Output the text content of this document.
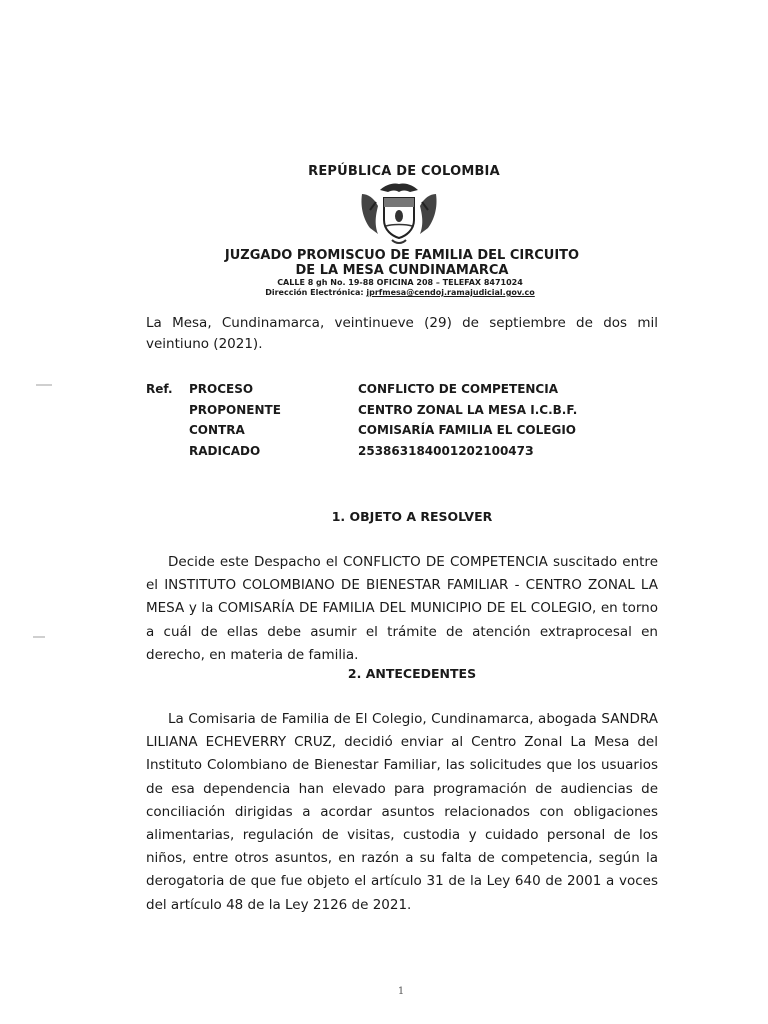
REPÚBLICA DE COLOMBIA
JUZGADO PROMISCUO DE FAMILIA DEL CIRCUITO
DE LA MESA CUNDINAMARCA
CALLE 8 gh No. 19-88 OFICINA 208 – TELEFAX 8471024
Dirección Electrónica: jprfmesa@cendoj.ramajudicial.gov.co
La Mesa, Cundinamarca, veintinueve (29) de septiembre de dos mil veintiuno (2021).
Ref. PROCESO	CONFLICTO DE COMPETENCIA
PROPONENTE	CENTRO ZONAL LA MESA I.C.B.F.
CONTRA	COMISARÍA FAMILIA EL COLEGIO
RADICADO	25386318400120210047З
1. OBJETO A RESOLVER

Decide este Despacho el CONFLICTO DE COMPETENCIA suscitado entre el INSTITUTO COLOMBIANO DE BIENESTAR FAMILIAR - CENTRO ZONAL LA MESA y la COMISARÍA DE FAMILIA DEL MUNICIPIO DE EL COLEGIO, en torno a cuál de ellas debe asumir el trámite de atención extraprocesal en derecho, en materia de familia.

2. ANTECEDENTES

La Comisaria de Familia de El Colegio, Cundinamarca, abogada SANDRA LILIANA ECHEVERRY CRUZ, decidió enviar al Centro Zonal La Mesa del Instituto Colombiano de Bienestar Familiar, las solicitudes que los usuarios de esa dependencia han elevado para programación de audiencias de conciliación dirigidas a acordar asuntos relacionados con obligaciones alimentarias, regulación de visitas, custodia y cuidado personal de los niños, entre otros asuntos, en razón a su falta de competencia, según la derogatoria de que fue objeto el artículo 31 de la Ley 640 de 2001 a voces del artículo 48 de la Ley 2126 de 2021.

1
